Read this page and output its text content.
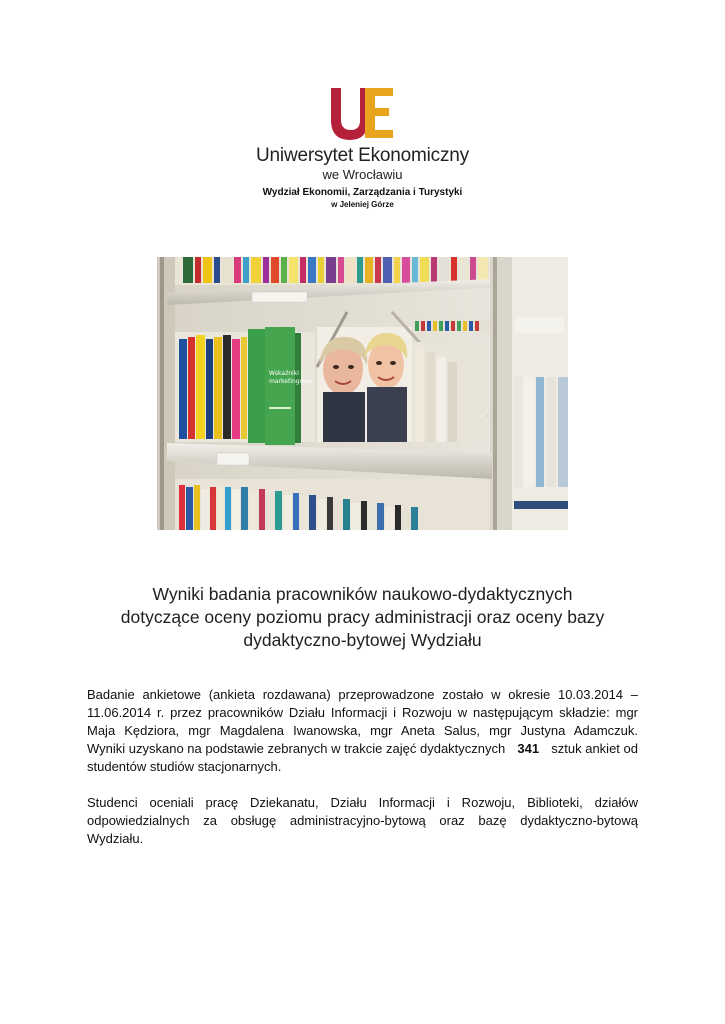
Uniwersytet Ekonomiczny
we Wrocławiu
Wydział Ekonomii, Zarządzania i Turystyki
w Jeleniej Górze
Wskaźniki
marketingowe
Wyniki badania pracowników naukowo-dydaktycznych
dotyczące oceny poziomu pracy administracji oraz oceny bazy
dydaktyczno-bytowej Wydziału
Badanie ankietowe (ankieta rozdawana) przeprowadzone zostało w okresie 10.03.2014 –
11.06.2014 r. przez pracowników Działu Informacji i Rozwoju w następującym składzie: mgr
Maja Kędziora, mgr Magdalena Iwanowska, mgr Aneta Salus, mgr Justyna Adamczuk.
Wyniki uzyskano na podstawie zebranych w trakcie zajęć dydaktycznych 341 sztuk ankiet od
studentów studiów stacjonarnych.
Studenci oceniali pracę Dziekanatu, Działu Informacji i Rozwoju, Biblioteki, działów
odpowiedzialnych za obsługę administracyjno-bytową oraz bazę dydaktyczno-bytową
Wydziału.
